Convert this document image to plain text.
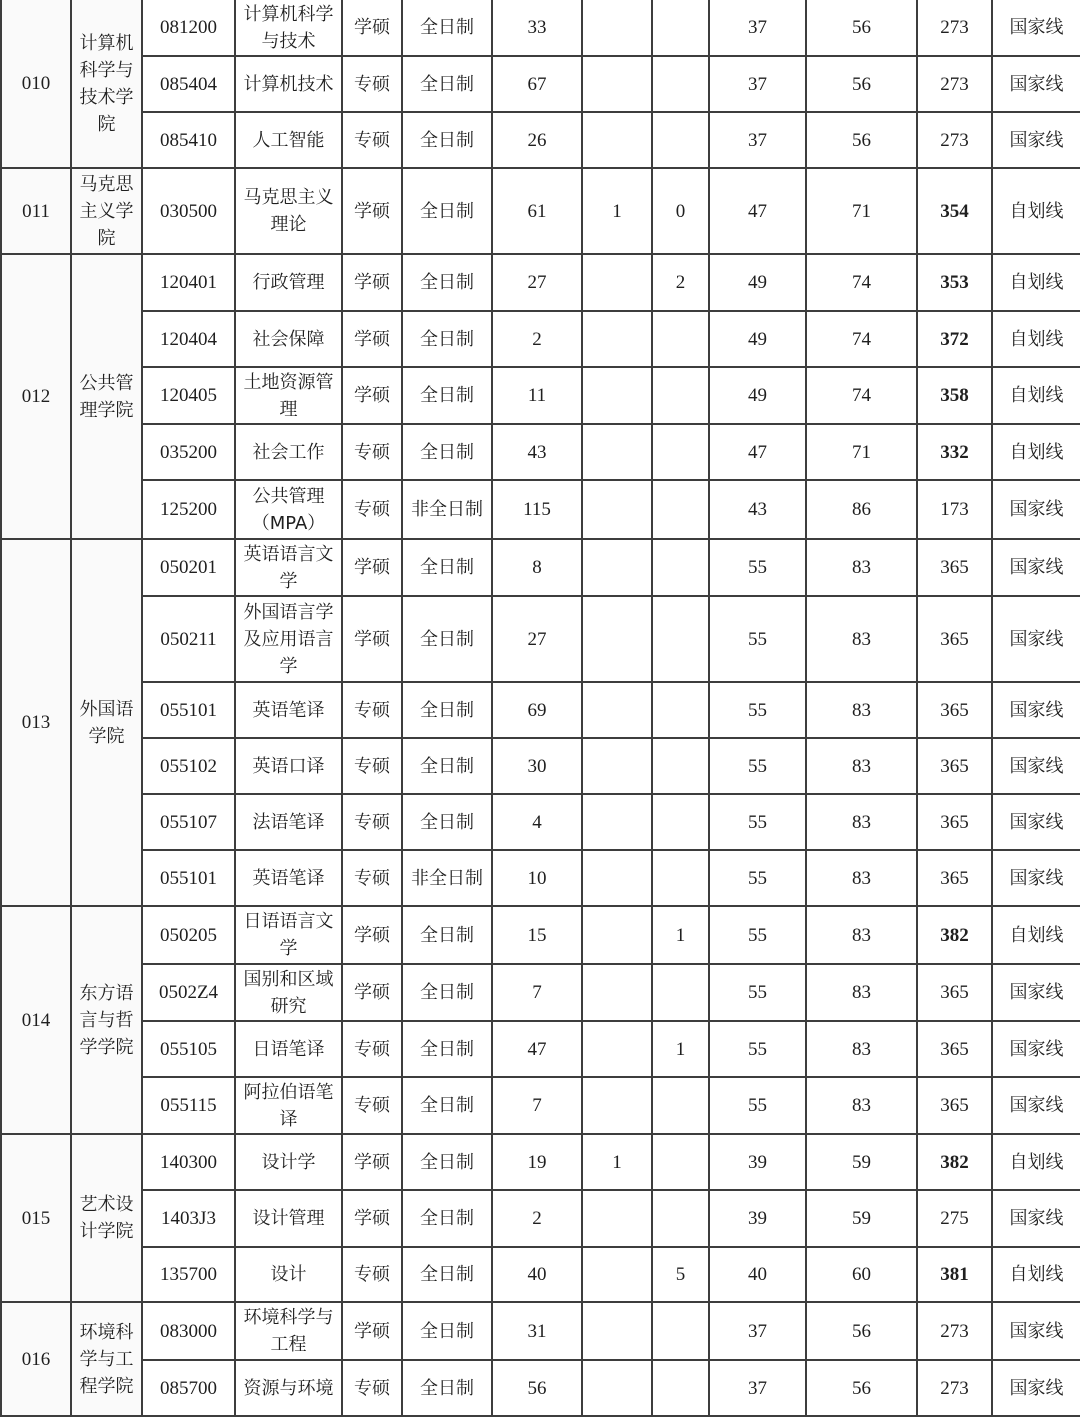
010	计算机科学与技术学院	081200	计算机科学与技术	学硕	全日制	33			37	56	273	国家线
		085404	计算机技术	专硕	全日制	67			37	56	273	国家线
		085410	人工智能	专硕	全日制	26			37	56	273	国家线
011	马克思主义学院	030500	马克思主义理论	学硕	全日制	61	1	0	47	71	354	自划线
012	公共管理学院	120401	行政管理	学硕	全日制	27		2	49	74	353	自划线
		120404	社会保障	学硕	全日制	2			49	74	372	自划线
		120405	土地资源管理	学硕	全日制	11			49	74	358	自划线
		035200	社会工作	专硕	全日制	43			47	71	332	自划线
		125200	公共管理（MPA）	专硕	非全日制	115			43	86	173	国家线
013	外国语学院	050201	英语语言文学	学硕	全日制	8			55	83	365	国家线
		050211	外国语言学及应用语言学	学硕	全日制	27			55	83	365	国家线
		055101	英语笔译	专硕	全日制	69			55	83	365	国家线
		055102	英语口译	专硕	全日制	30			55	83	365	国家线
		055107	法语笔译	专硕	全日制	4			55	83	365	国家线
		055101	英语笔译	专硕	非全日制	10			55	83	365	国家线
014	东方语言与哲学学院	050205	日语语言文学	学硕	全日制	15		1	55	83	382	自划线
		0502Z4	国别和区域研究	学硕	全日制	7			55	83	365	国家线
		055105	日语笔译	专硕	全日制	47		1	55	83	365	国家线
		055115	阿拉伯语笔译	专硕	全日制	7			55	83	365	国家线
015	艺术设计学院	140300	设计学	学硕	全日制	19	1		39	59	382	自划线
		1403J3	设计管理	学硕	全日制	2			39	59	275	国家线
		135700	设计	专硕	全日制	40		5	40	60	381	自划线
016	环境科学与工程学院	083000	环境科学与工程	学硕	全日制	31			37	56	273	国家线
		085700	资源与环境	专硕	全日制	56			37	56	273	国家线
